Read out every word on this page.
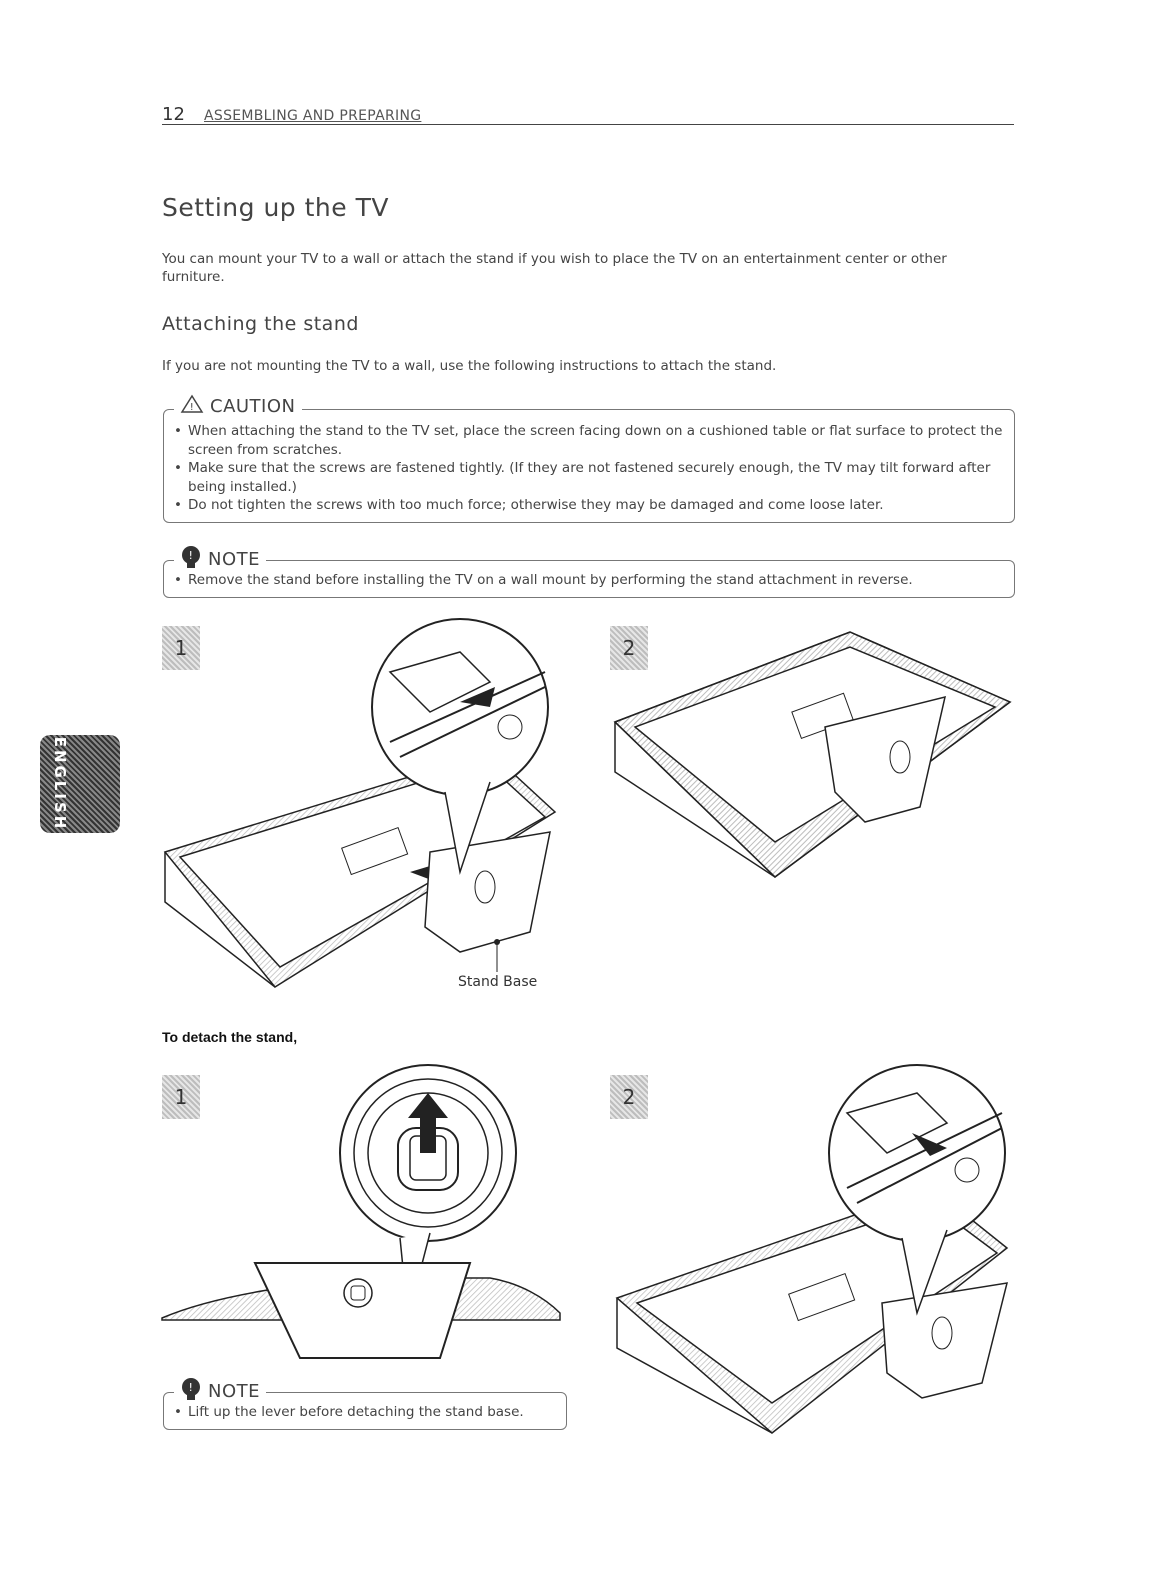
12 ASSEMBLING AND PREPARING
Setting up the TV
You can mount your TV to a wall or attach the stand if you wish to place the TV on an entertainment center or other furniture.
Attaching the stand
If you are not mounting the TV to a wall, use the following instructions to attach the stand.
! CAUTION
• When attaching the stand to the TV set, place the screen facing down on a cushioned table or flat surface to protect the screen from scratches.
• Make sure that the screws are fastened tightly. (If they are not fastened securely enough, the TV may tilt forward after being installed.)
• Do not tighten the screws with too much force; otherwise they may be damaged and come loose later.
! NOTE
• Remove the stand before installing the TV on a wall mount by performing the stand attachment in reverse.
ENGLISH
1	2
1	2
Stand Base
To detach the stand,
! NOTE
• Lift up the lever before detaching the stand base.
